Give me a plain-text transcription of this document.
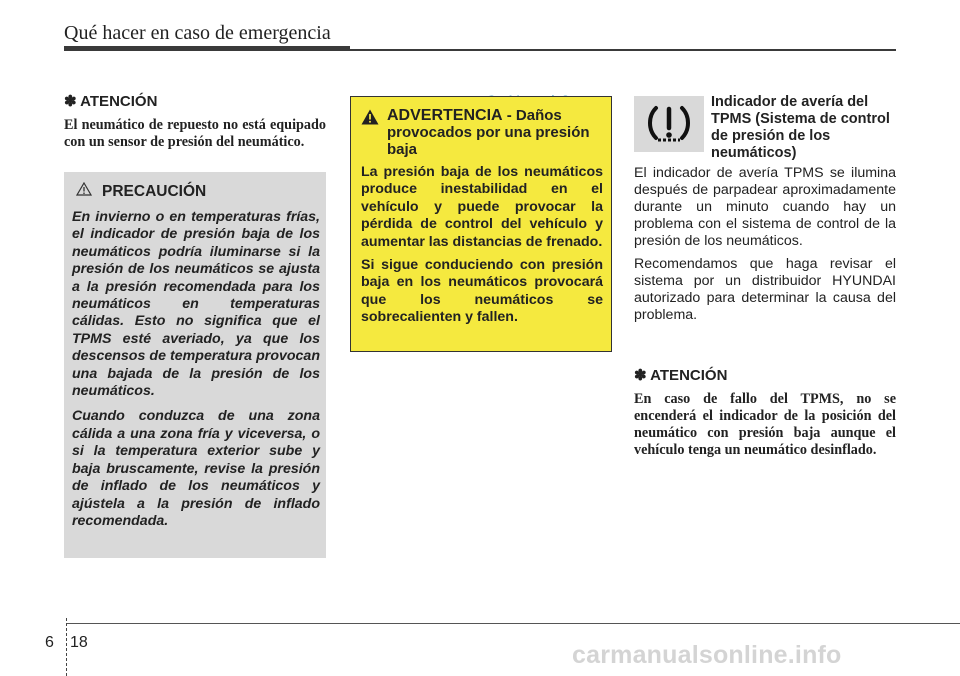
Qué hacer en caso de emergencia
✽ ATENCIÓN
El neumático de repuesto no está equipado con un sensor de presión del neumático.
PRECAUCIÓN
En invierno o en temperaturas frías, el indicador de presión baja de los neumáticos podría iluminarse si la presión de los neumáticos se ajusta a la presión recomendada para los neumáticos en temperaturas cálidas. Esto no significa que el TPMS esté averiado, ya que los descensos de temperatura provocan una bajada de la presión de los neumáticos.
Cuando conduzca de una zona cálida a una zona fría y viceversa, o si la temperatura exterior sube y baja bruscamente, revise la presión de inflado de los neumáticos y ajústela a la presión de inflado recomendada.
ADVERTENCIA - Daños provocados por una presión baja
La presión baja de los neumáticos produce inestabilidad en el vehículo y puede provocar la pérdida de control del vehículo y aumentar las distancias de frenado.
Si sigue conduciendo con presión baja en los neumáticos provocará que los neumáticos se sobrecalienten y fallen.
Indicador de avería del TPMS (Sistema de control de presión de los neumáticos)

El indicador de avería TPMS se ilumina después de parpadear aproximadamente durante un minuto cuando hay un problema con el sistema de control de la presión de los neumáticos.

Recomendamos que haga revisar el sistema por un distribuidor HYUNDAI autorizado para determinar la causa del problema.

✽ ATENCIÓN
En caso de fallo del TPMS, no se encenderá el indicador de la posición del neumático con presión baja aunque el vehículo tenga un neumático desinflado.
6 18	carmanualsonline.info
